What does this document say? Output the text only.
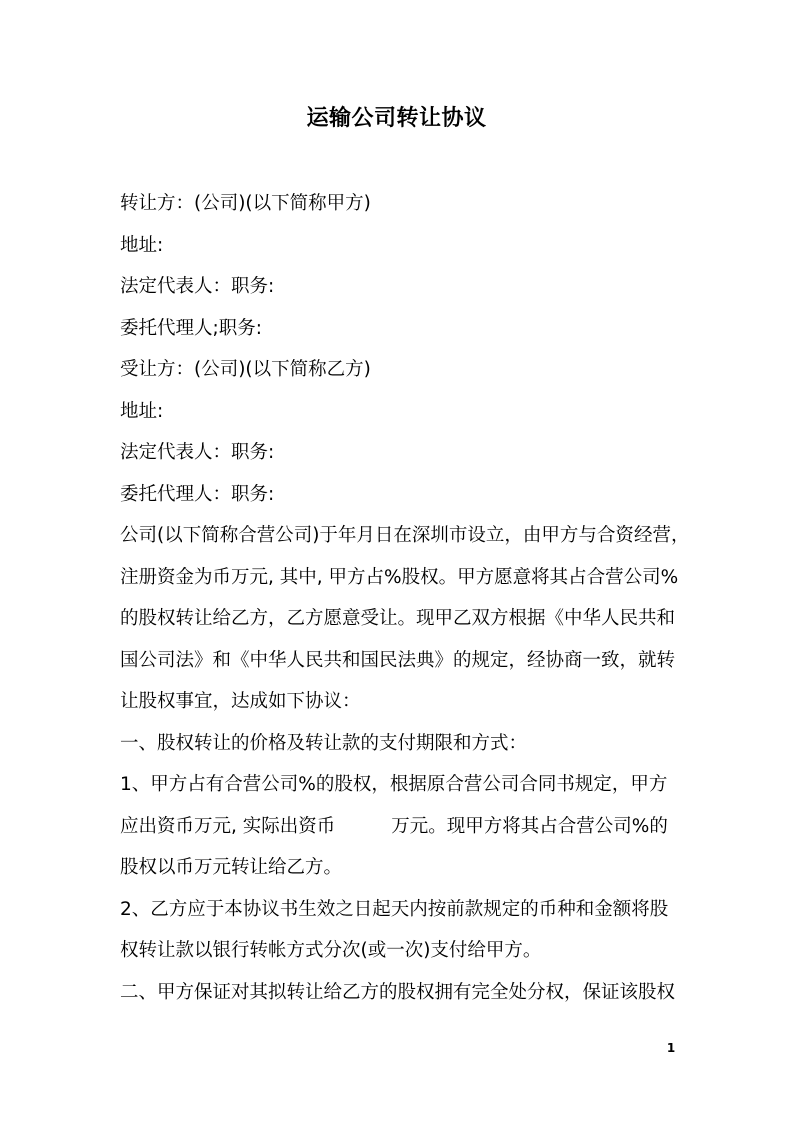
运输公司转让协议
转让方：(公司)(以下简称甲方)
地址:
法定代表人：职务:
委托代理人;职务:
受让方：(公司)(以下简称乙方)
地址:
法定代表人：职务:
委托代理人：职务:
公司(以下简称合营公司)于年月日在深圳市设立，由甲方与合资经营，
注册资金为币万元, 其中, 甲方占%股权。甲方愿意将其占合营公司%
的股权转让给乙方，乙方愿意受让。现甲乙双方根据《中华人民共和
国公司法》和《中华人民共和国民法典》的规定，经协商一致，就转
让股权事宜，达成如下协议：
一、股权转让的价格及转让款的支付期限和方式：
1、甲方占有合营公司%的股权，根据原合营公司合同书规定，甲方
应出资币万元, 实际出资币	万元。现甲方将其占合营公司%的
股权以币万元转让给乙方。
2、乙方应于本协议书生效之日起天内按前款规定的币种和金额将股
权转让款以银行转帐方式分次(或一次)支付给甲方。
二、甲方保证对其拟转让给乙方的股权拥有完全处分权，保证该股权
1
